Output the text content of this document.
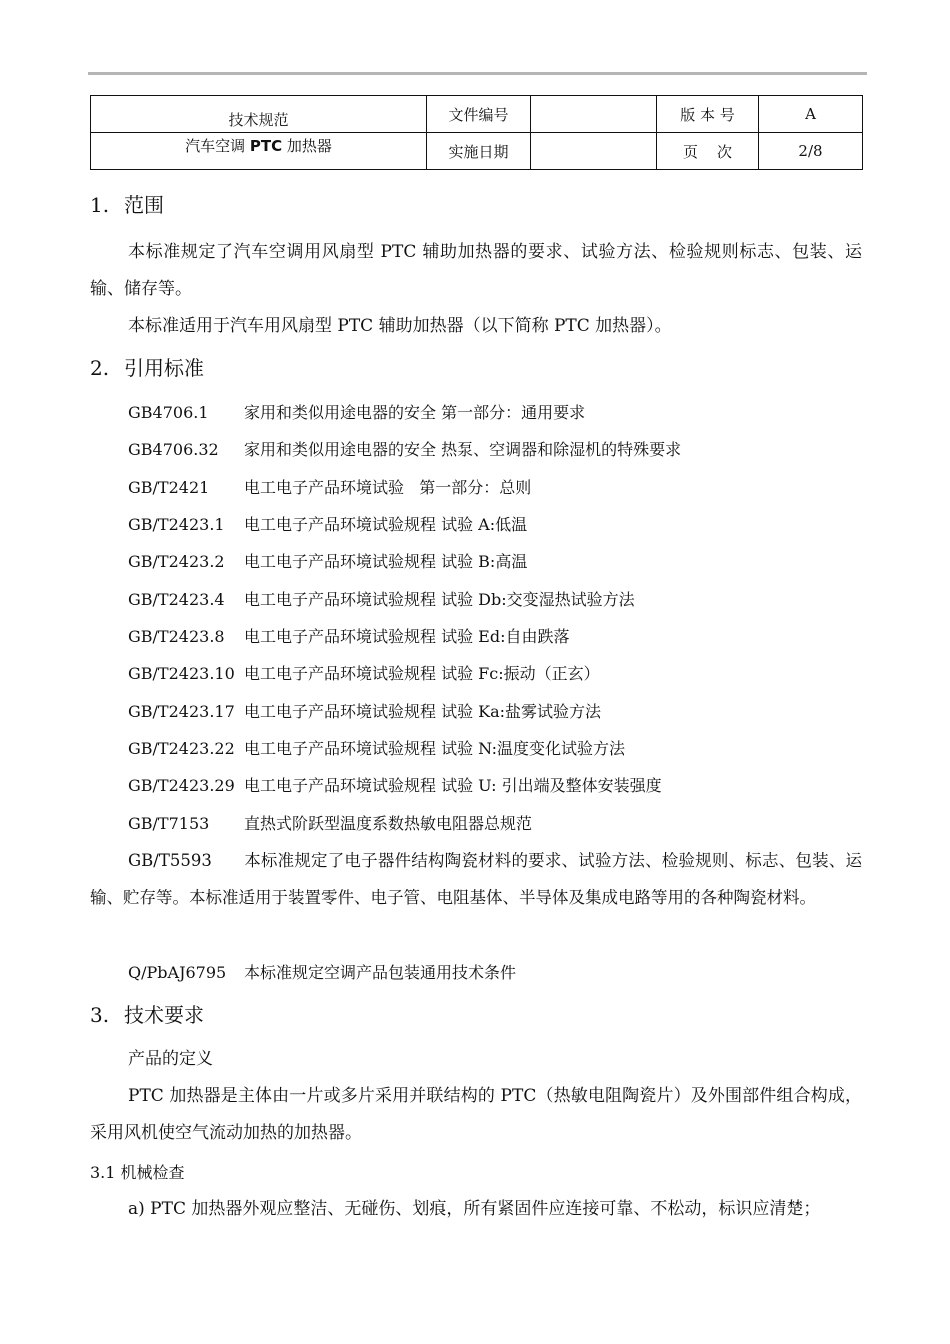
技术规范	文件编号		版 本 号	A
汽车空调 PTC 加热器	实施日期		页    次	2/8
1. 范围
本标准规定了汽车空调用风扇型 PTC 辅助加热器的要求、试验方法、检验规则标志、包装、运输、储存等。
本标准适用于汽车用风扇型 PTC 辅助加热器（以下简称 PTC 加热器）。
2. 引用标准
GB4706.1 家用和类似用途电器的安全 第一部分：通用要求
GB4706.32 家用和类似用途电器的安全 热泵、空调器和除湿机的特殊要求
GB/T2421 电工电子产品环境试验   第一部分：总则
GB/T2423.1 电工电子产品环境试验规程 试验 A:低温
GB/T2423.2 电工电子产品环境试验规程 试验 B:高温
GB/T2423.4 电工电子产品环境试验规程 试验 Db:交变湿热试验方法
GB/T2423.8 电工电子产品环境试验规程 试验 Ed:自由跌落
GB/T2423.10 电工电子产品环境试验规程 试验 Fc:振动（正玄）
GB/T2423.17 电工电子产品环境试验规程 试验 Ka:盐雾试验方法
GB/T2423.22 电工电子产品环境试验规程 试验 N:温度变化试验方法
GB/T2423.29 电工电子产品环境试验规程 试验 U: 引出端及整体安装强度
GB/T7153 直热式阶跃型温度系数热敏电阻器总规范
GB/T5593 本标准规定了电子器件结构陶瓷材料的要求、试验方法、检验规则、标志、包装、运输、贮存等。本标准适用于装置零件、电子管、电阻基体、半导体及集成电路等用的各种陶瓷材料。
Q/PbAJ6795 本标准规定空调产品包装通用技术条件
3. 技术要求
产品的定义
PTC 加热器是主体由一片或多片采用并联结构的 PTC（热敏电阻陶瓷片）及外围部件组合构成，采用风机使空气流动加热的加热器。
3.1 机械检查
a) PTC 加热器外观应整洁、无碰伤、划痕，所有紧固件应连接可靠、不松动，标识应清楚；
